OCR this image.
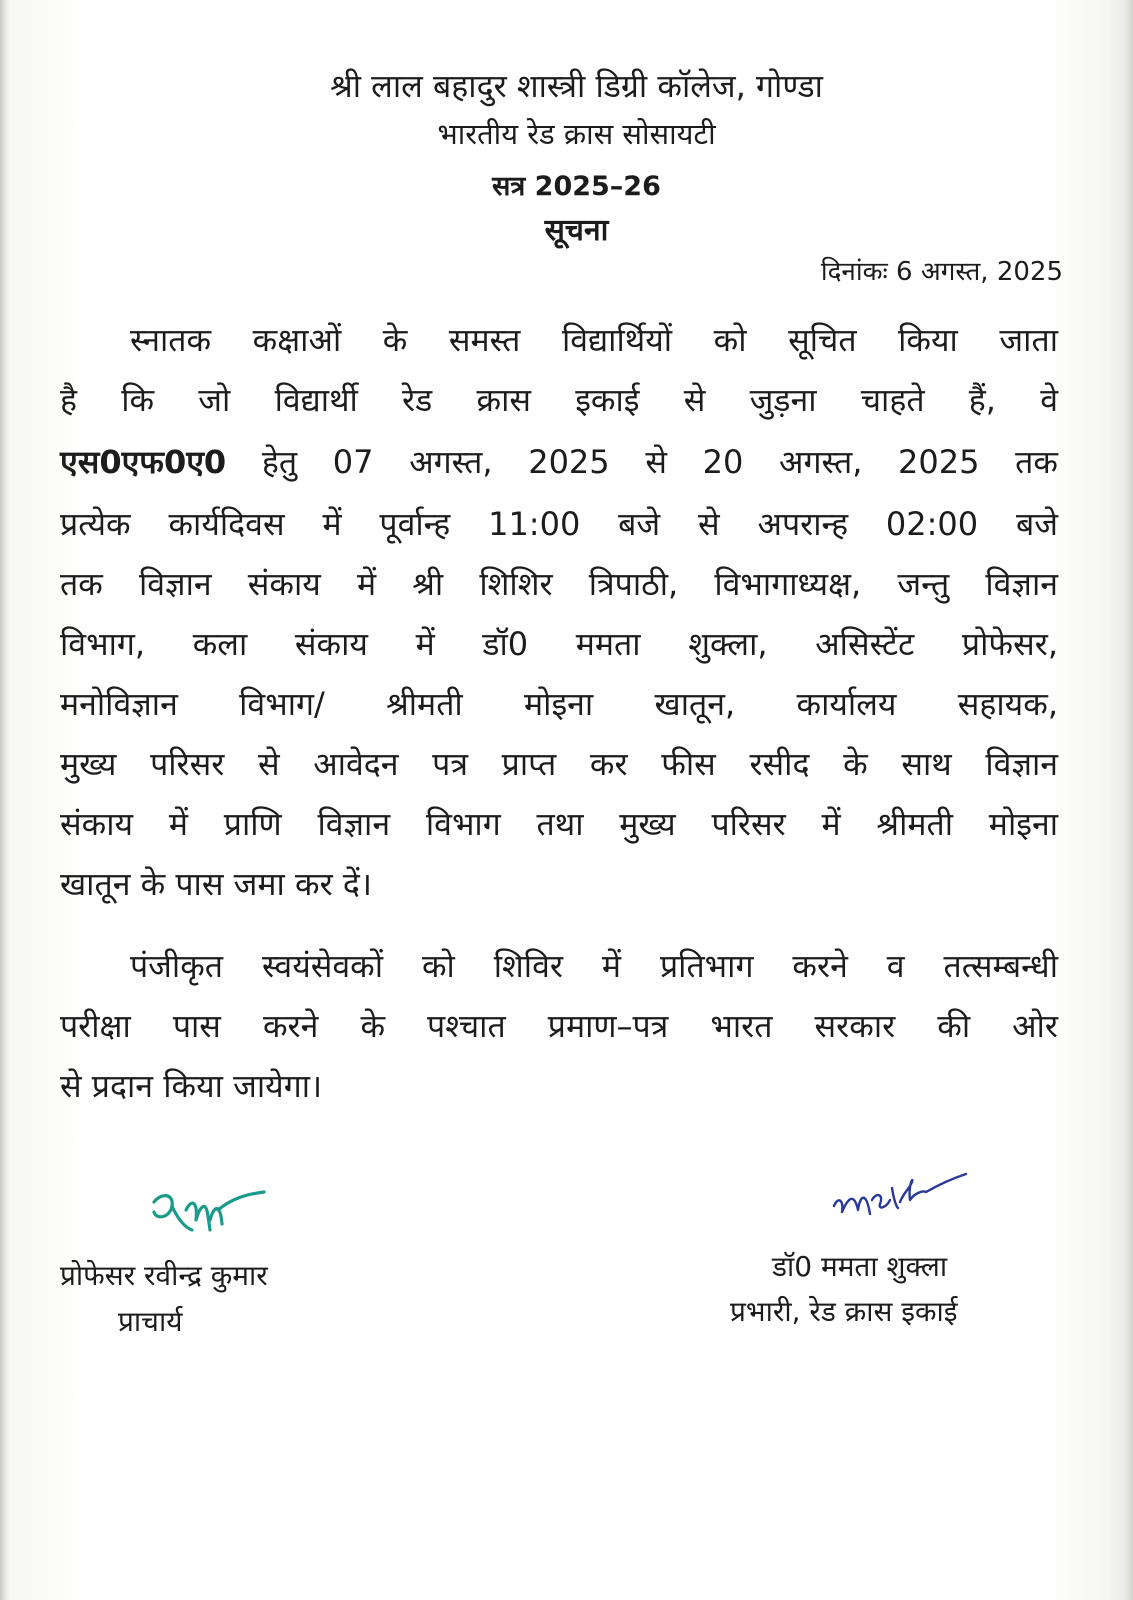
श्री लाल बहादुर शास्त्री डिग्री कॉलेज, गोण्डा
भारतीय रेड क्रास सोसायटी
सत्र 2025–26
सूचना
दिनांकः 6 अगस्त, 2025
स्नातक कक्षाओं के समस्त विद्यार्थियों को सूचित किया जाता
है कि जो विद्यार्थी रेड क्रास इकाई से जुड़ना चाहते हैं, वे
एस0एफ0ए0 हेतु 07 अगस्त, 2025 से 20 अगस्त, 2025 तक
प्रत्येक कार्यदिवस में पूर्वान्ह 11:00 बजे से अपरान्ह 02:00 बजे
तक विज्ञान संकाय में श्री शिशिर त्रिपाठी, विभागाध्यक्ष, जन्तु विज्ञान
विभाग, कला संकाय में डॉ0 ममता शुक्ला, असिस्टेंट प्रोफेसर,
मनोविज्ञान विभाग/ श्रीमती मोइना खातून, कार्यालय सहायक,
मुख्य परिसर से आवेदन पत्र प्राप्त कर फीस रसीद के साथ विज्ञान
संकाय में प्राणि विज्ञान विभाग तथा मुख्य परिसर में श्रीमती मोइना
खातून के पास जमा कर दें।
पंजीकृत स्वयंसेवकों को शिविर में प्रतिभाग करने व तत्सम्बन्धी
परीक्षा पास करने के पश्चात प्रमाण–पत्र भारत सरकार की ओर
से प्रदान किया जायेगा।
प्रोफेसर रवीन्द्र कुमार
प्राचार्य
डॉ0 ममता शुक्ला
प्रभारी, रेड क्रास इकाई
